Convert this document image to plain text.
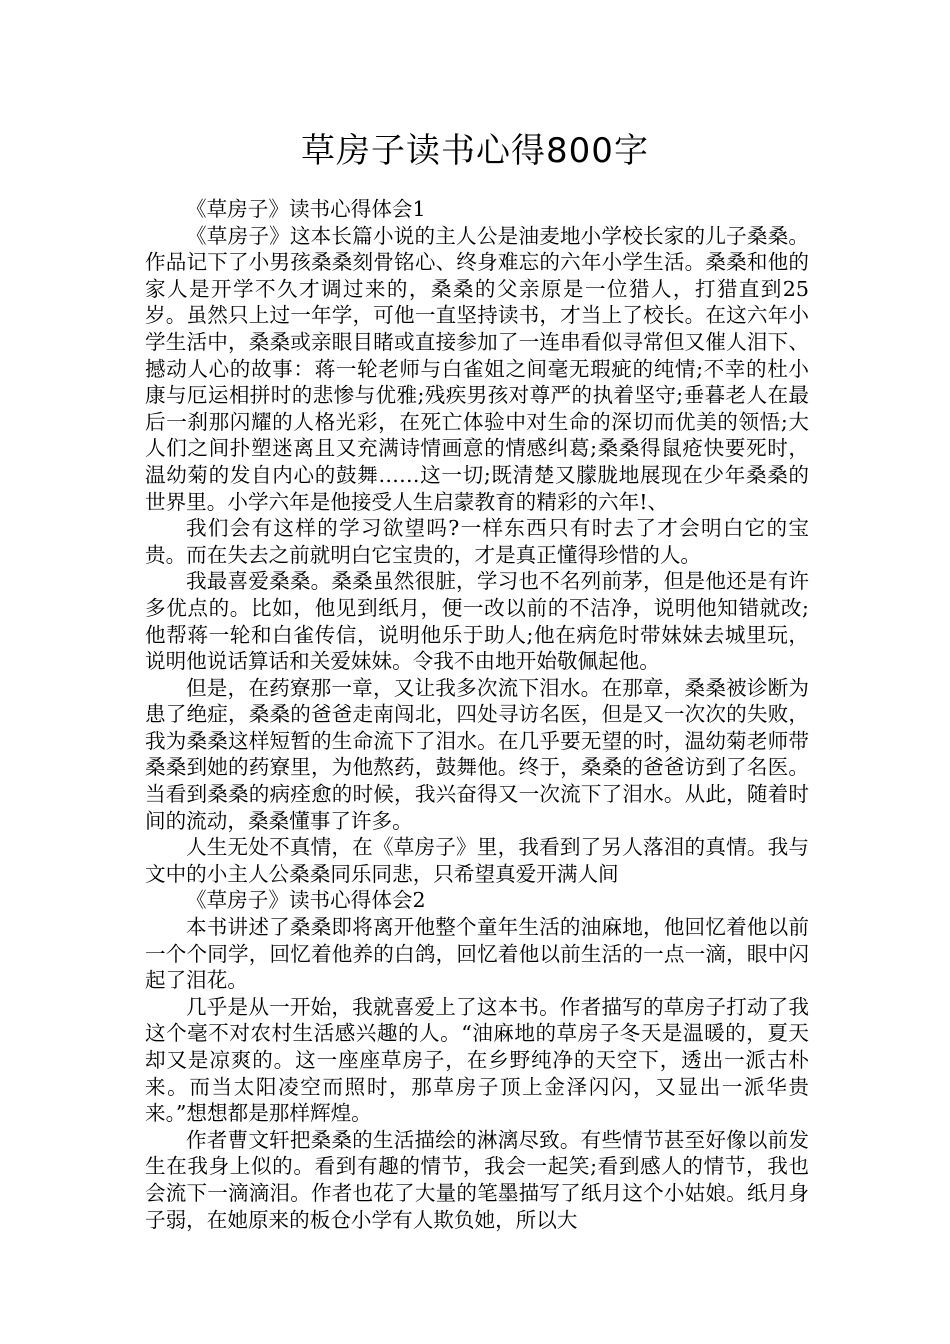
草房子读书心得800字

《草房子》读书心得体会1

《草房子》这本长篇小说的主人公是油麦地小学校长家的儿子桑桑。作品记下了小男孩桑桑刻骨铭心、终身难忘的六年小学生活。桑桑和他的家人是开学不久才调过来的，桑桑的父亲原是一位猎人，打猎直到25岁。虽然只上过一年学，可他一直坚持读书，才当上了校长。在这六年小学生活中，桑桑或亲眼目睹或直接参加了一连串看似寻常但又催人泪下、撼动人心的故事：蒋一轮老师与白雀姐之间毫无瑕疵的纯情;不幸的杜小康与厄运相拼时的悲惨与优雅;残疾男孩对尊严的执着坚守;垂暮老人在最后一刹那闪耀的人格光彩，在死亡体验中对生命的深切而优美的领悟;大人们之间扑塑迷离且又充满诗情画意的情感纠葛;桑桑得鼠疮快要死时，温幼菊的发自内心的鼓舞……这一切;既清楚又朦胧地展现在少年桑桑的世界里。小学六年是他接受人生启蒙教育的精彩的六年!、

我们会有这样的学习欲望吗?一样东西只有时去了才会明白它的宝贵。而在失去之前就明白它宝贵的，才是真正懂得珍惜的人。

我最喜爱桑桑。桑桑虽然很脏，学习也不名列前茅，但是他还是有许多优点的。比如，他见到纸月，便一改以前的不洁净，说明他知错就改;他帮蒋一轮和白雀传信，说明他乐于助人;他在病危时带妹妹去城里玩，说明他说话算话和关爱妹妹。令我不由地开始敬佩起他。

但是，在药寮那一章，又让我多次流下泪水。在那章，桑桑被诊断为患了绝症，桑桑的爸爸走南闯北，四处寻访名医，但是又一次次的失败，我为桑桑这样短暂的生命流下了泪水。在几乎要无望的时，温幼菊老师带桑桑到她的药寮里，为他熬药，鼓舞他。终于，桑桑的爸爸访到了名医。当看到桑桑的病痊愈的时候，我兴奋得又一次流下了泪水。从此，随着时间的流动，桑桑懂事了许多。

人生无处不真情，在《草房子》里，我看到了另人落泪的真情。我与文中的小主人公桑桑同乐同悲，只希望真爱开满人间

《草房子》读书心得体会2

本书讲述了桑桑即将离开他整个童年生活的油麻地，他回忆着他以前一个个同学，回忆着他养的白鸽，回忆着他以前生活的一点一滴，眼中闪起了泪花。

几乎是从一开始，我就喜爱上了这本书。作者描写的草房子打动了我这个毫不对农村生活感兴趣的人。“油麻地的草房子冬天是温暖的，夏天却又是凉爽的。这一座座草房子，在乡野纯净的天空下，透出一派古朴来。而当太阳凌空而照时，那草房子顶上金泽闪闪，又显出一派华贵来。”想想都是那样辉煌。

作者曹文轩把桑桑的生活描绘的淋漓尽致。有些情节甚至好像以前发生在我身上似的。看到有趣的情节，我会一起笑;看到感人的情节，我也会流下一滴滴泪。作者也花了大量的笔墨描写了纸月这个小姑娘。纸月身子弱，在她原来的板仓小学有人欺负她，所以大
